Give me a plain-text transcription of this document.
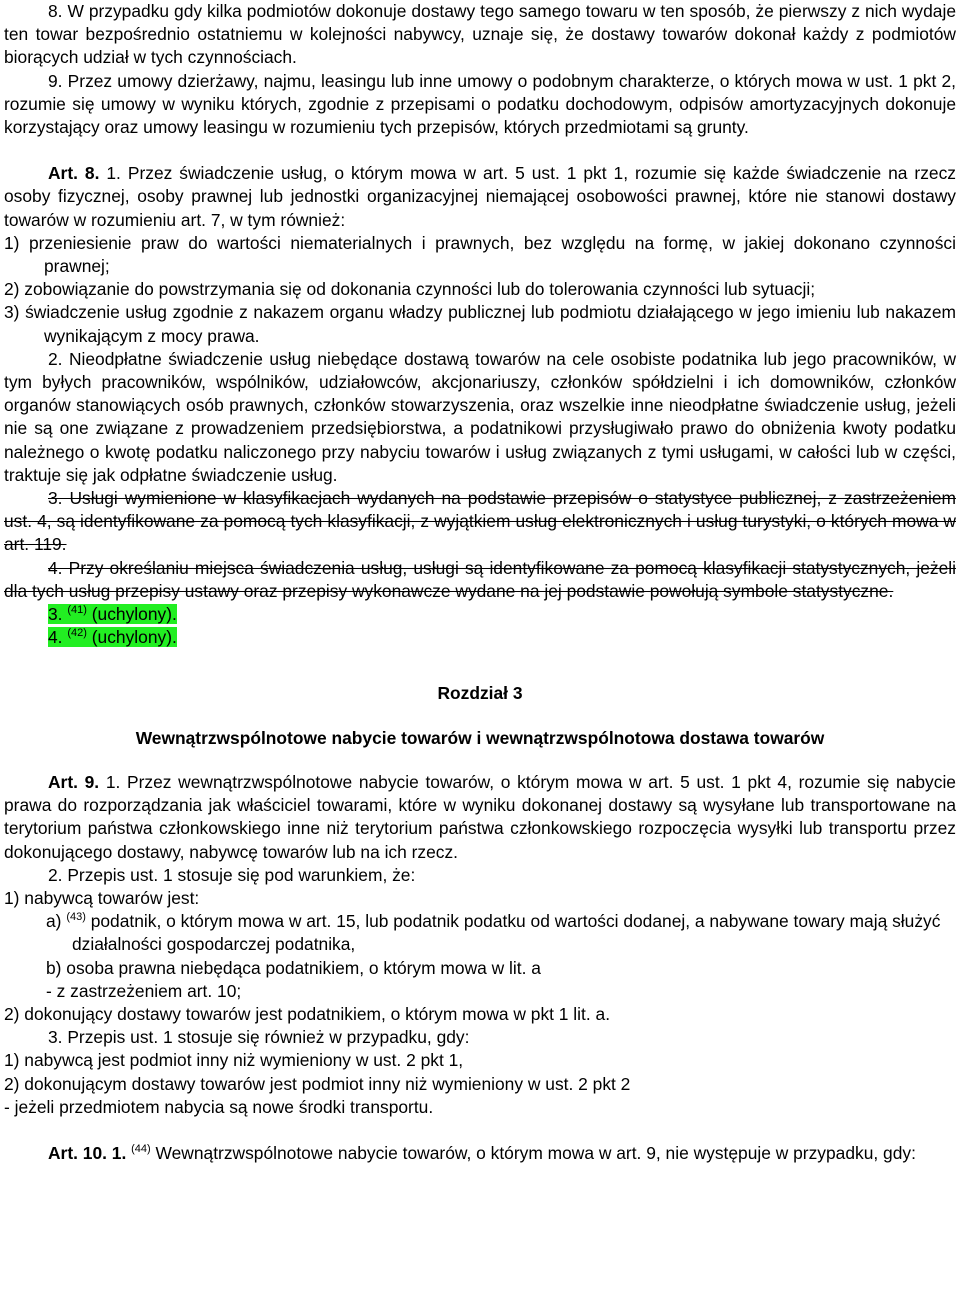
8. W przypadku gdy kilka podmiotów dokonuje dostawy tego samego towaru w ten sposób, że pierwszy z nich wydaje ten towar bezpośrednio ostatniemu w kolejności nabywcy, uznaje się, że dostawy towarów dokonał każdy z podmiotów biorących udział w tych czynnościach.

9. Przez umowy dzierżawy, najmu, leasingu lub inne umowy o podobnym charakterze, o których mowa w ust. 1 pkt 2, rozumie się umowy w wyniku których, zgodnie z przepisami o podatku dochodowym, odpisów amortyzacyjnych dokonuje korzystający oraz umowy leasingu w rozumieniu tych przepisów, których przedmiotami są grunty.

Art. 8. 1. Przez świadczenie usług, o którym mowa w art. 5 ust. 1 pkt 1, rozumie się każde świadczenie na rzecz osoby fizycznej, osoby prawnej lub jednostki organizacyjnej niemającej osobowości prawnej, które nie stanowi dostawy towarów w rozumieniu art. 7, w tym również:

1) przeniesienie praw do wartości niematerialnych i prawnych, bez względu na formę, w jakiej dokonano czynności prawnej;

2) zobowiązanie do powstrzymania się od dokonania czynności lub do tolerowania czynności lub sytuacji;

3) świadczenie usług zgodnie z nakazem organu władzy publicznej lub podmiotu działającego w jego imieniu lub nakazem wynikającym z mocy prawa.

2. Nieodpłatne świadczenie usług niebędące dostawą towarów na cele osobiste podatnika lub jego pracowników, w tym byłych pracowników, wspólników, udziałowców, akcjonariuszy, członków spółdzielni i ich domowników, członków organów stanowiących osób prawnych, członków stowarzyszenia, oraz wszelkie inne nieodpłatne świadczenie usług, jeżeli nie są one związane z prowadzeniem przedsiębiorstwa, a podatnikowi przysługiwało prawo do obniżenia kwoty podatku należnego o kwotę podatku naliczonego przy nabyciu towarów i usług związanych z tymi usługami, w całości lub w części, traktuje się jak odpłatne świadczenie usług.

3. Usługi wymienione w klasyfikacjach wydanych na podstawie przepisów o statystyce publicznej, z zastrzeżeniem ust. 4, są identyfikowane za pomocą tych klasyfikacji, z wyjątkiem usług elektronicznych i usług turystyki, o których mowa w art. 119.

4. Przy określaniu miejsca świadczenia usług, usługi są identyfikowane za pomocą klasyfikacji statystycznych, jeżeli dla tych usług przepisy ustawy oraz przepisy wykonawcze wydane na jej podstawie powołują symbole statystyczne.

3. $^{(41)}$ (uchylony).

4. $^{(42)}$ (uchylony).

Rozdział 3

Wewnątrzwspólnotowe nabycie towarów i wewnątrzwspólnotowa dostawa towarów

Art. 9. 1. Przez wewnątrzwspólnotowe nabycie towarów, o którym mowa w art. 5 ust. 1 pkt 4, rozumie się nabycie prawa do rozporządzania jak właściciel towarami, które w wyniku dokonanej dostawy są wysyłane lub transportowane na terytorium państwa członkowskiego inne niż terytorium państwa członkowskiego rozpoczęcia wysyłki lub transportu przez dokonującego dostawy, nabywcę towarów lub na ich rzecz.

2. Przepis ust. 1 stosuje się pod warunkiem, że:

1) nabywcą towarów jest:

a) $^{(43)}$ podatnik, o którym mowa w art. 15, lub podatnik podatku od wartości dodanej, a nabywane towary mają służyć działalności gospodarczej podatnika,

b) osoba prawna niebędąca podatnikiem, o którym mowa w lit. a

- z zastrzeżeniem art. 10;

2) dokonujący dostawy towarów jest podatnikiem, o którym mowa w pkt 1 lit. a.

3. Przepis ust. 1 stosuje się również w przypadku, gdy:

1) nabywcą jest podmiot inny niż wymieniony w ust. 2 pkt 1,

2) dokonującym dostawy towarów jest podmiot inny niż wymieniony w ust. 2 pkt 2

- jeżeli przedmiotem nabycia są nowe środki transportu.

Art. 10. 1. $^{(44)}$ Wewnątrzwspólnotowe nabycie towarów, o którym mowa w art. 9, nie występuje w przypadku, gdy:
